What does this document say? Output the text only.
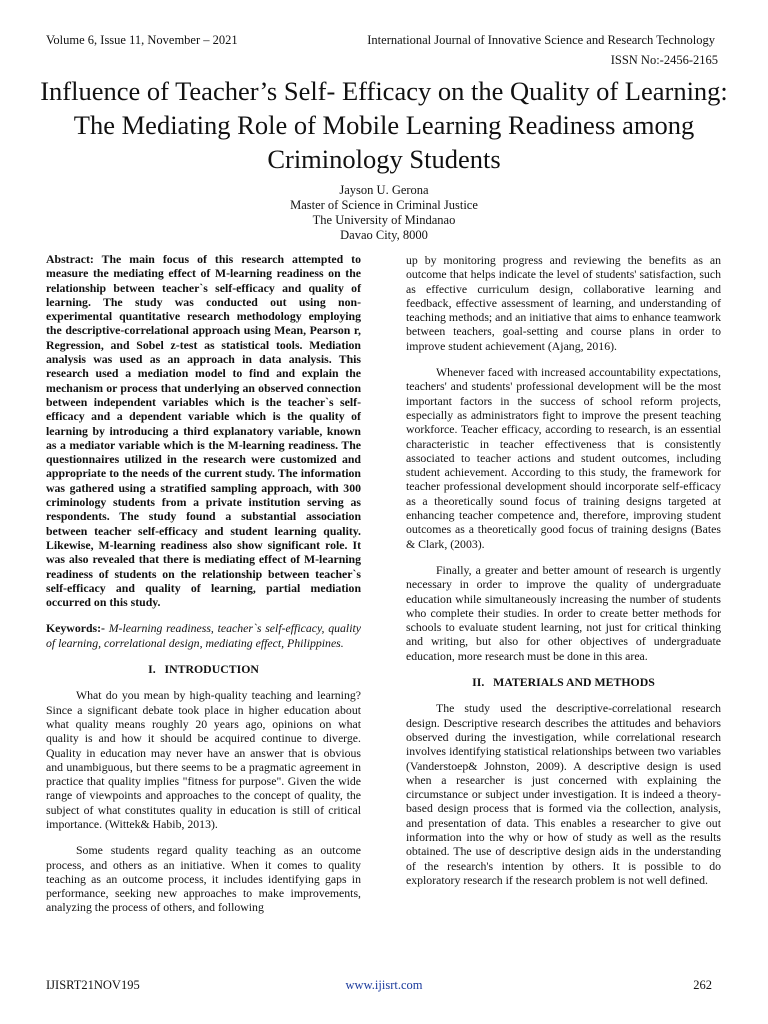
Volume 6, Issue 11, November – 2021	International Journal of Innovative Science and Research Technology
ISSN No:-2456-2165
Influence of Teacher’s Self- Efficacy on the Quality of Learning: The Mediating Role of Mobile Learning Readiness among Criminology Students
Jayson U. Gerona
Master of Science in Criminal Justice
The University of Mindanao
Davao City, 8000

Abstract: The main focus of this research attempted to measure the mediating effect of M-learning readiness on the relationship between teacher`s self-efficacy and quality of learning. The study was conducted out using non-experimental quantitative research methodology employing the descriptive-correlational approach using Mean, Pearson r, Regression, and Sobel z-test as statistical tools. Mediation analysis was used as an approach in data analysis. This research used a mediation model to find and explain the mechanism or process that underlying an observed connection between independent variables which is the teacher`s self-efficacy and a dependent variable which is the quality of learning by introducing a third explanatory variable, known as a mediator variable which is the M-learning readiness. The questionnaires utilized in the research were customized and appropriate to the needs of the current study. The information was gathered using a stratified sampling approach, with 300 criminology students from a private institution serving as respondents. The study found a substantial association between teacher self-efficacy and student learning quality. Likewise, M-learning readiness also show significant role. It was also revealed that there is mediating effect of M-learning readiness of students on the relationship between teacher`s self-efficacy and quality of learning, partial mediation occurred on this study.

Keywords:- M-learning readiness, teacher`s self-efficacy, quality of learning, correlational design, mediating effect, Philippines.

I.   INTRODUCTION

What do you mean by high-quality teaching and learning? Since a significant debate took place in higher education about what quality means roughly 20 years ago, opinions on what quality is and how it should be acquired continue to diverge. Quality in education may never have an answer that is obvious and unambiguous, but there seems to be a pragmatic agreement in practice that quality implies "fitness for purpose". Given the wide range of viewpoints and approaches to the concept of quality, the subject of what constitutes quality in education is still of critical importance. (Wittek& Habib, 2013).

Some students regard quality teaching as an outcome process, and others as an initiative. When it comes to quality teaching as an outcome process, it includes identifying gaps in performance, seeking new approaches to make improvements, analyzing the process of others, and following

up by monitoring progress and reviewing the benefits as an outcome that helps indicate the level of students' satisfaction, such as effective curriculum design, collaborative learning and feedback, effective assessment of learning, and understanding of teaching methods; and an initiative that aims to enhance teamwork between teachers, goal-setting and course plans in order to improve student achievement (Ajang, 2016).

Whenever faced with increased accountability expectations, teachers' and students' professional development will be the most important factors in the success of school reform projects, especially as administrators fight to improve the present teaching workforce. Teacher efficacy, according to research, is an essential characteristic in teacher effectiveness that is consistently associated to teacher actions and student outcomes, including student achievement. According to this study, the framework for teacher professional development should incorporate self-efficacy as a theoretically sound focus of training designs targeted at enhancing teacher competence and, therefore, improving student outcomes as a theoretically good focus of training designs (Bates & Clark, (2003).

Finally, a greater and better amount of research is urgently necessary in order to improve the quality of undergraduate education while simultaneously increasing the number of students who complete their studies. In order to create better methods for schools to evaluate student learning, not just for critical thinking and writing, but also for other objectives of undergraduate education, more research must be done in this area.

II.   MATERIALS AND METHODS

The study used the descriptive-correlational research design. Descriptive research describes the attitudes and behaviors observed during the investigation, while correlational research involves identifying statistical relationships between two variables (Vanderstoep& Johnston, 2009). A descriptive design is used when a researcher is just concerned with explaining the circumstance or subject under investigation. It is indeed a theory-based design process that is formed via the collection, analysis, and presentation of data. This enables a researcher to give out information into the why or how of study as well as the results obtained. The use of descriptive design aids in the understanding of the research's intention by others. It is possible to do exploratory research if the research problem is not well defined.

IJISRT21NOV195	www.ijisrt.com	262
